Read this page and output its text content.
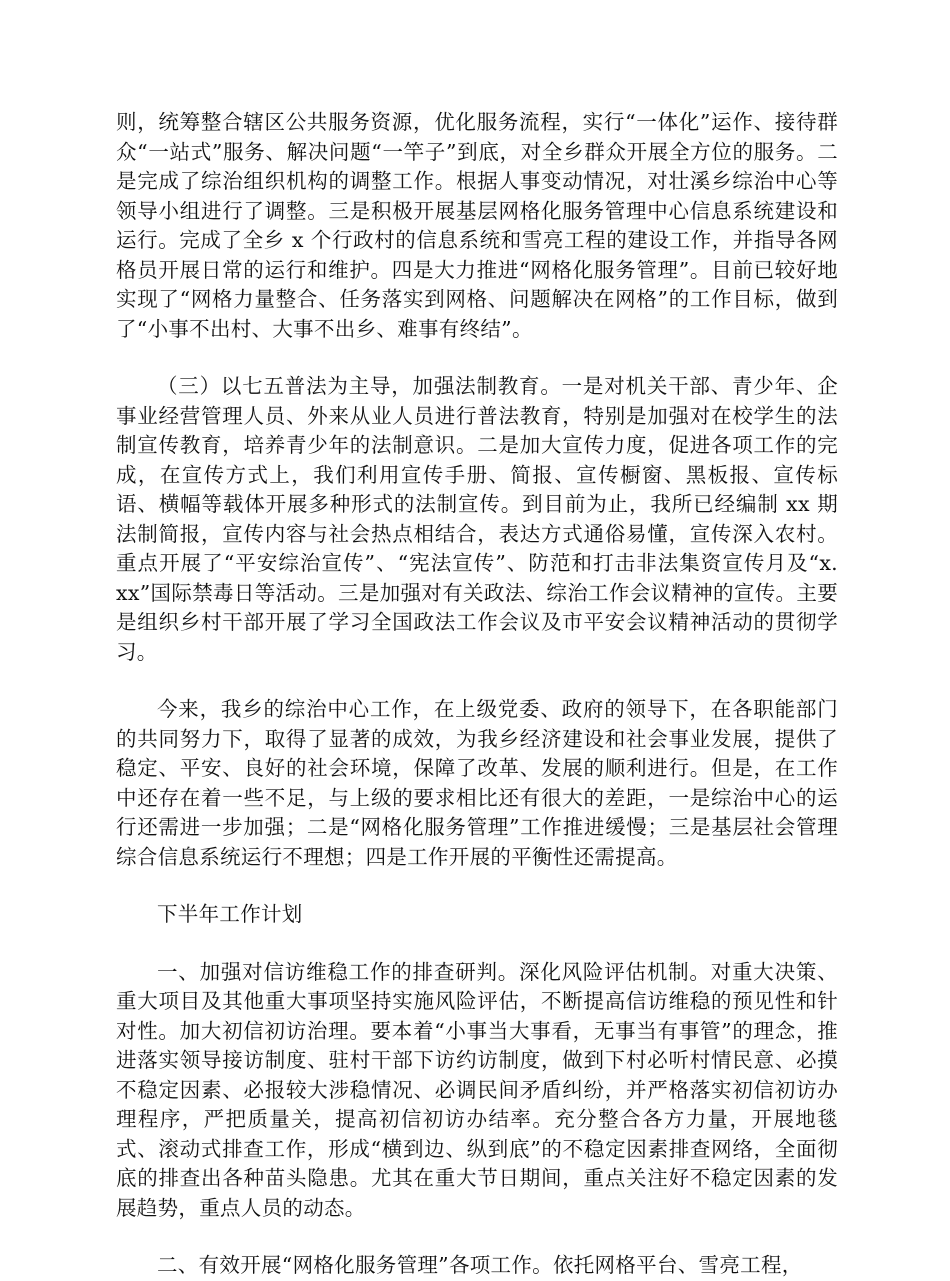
则，统筹整合辖区公共服务资源，优化服务流程，实行“一体化”运作、接待群众“一站式”服务、解决问题“一竿子”到底，对全乡群众开展全方位的服务。二是完成了综治组织机构的调整工作。根据人事变动情况，对壮溪乡综治中心等领导小组进行了调整。三是积极开展基层网格化服务管理中心信息系统建设和运行。完成了全乡 x 个行政村的信息系统和雪亮工程的建设工作，并指导各网格员开展日常的运行和维护。四是大力推进“网格化服务管理”。目前已较好地实现了“网格力量整合、任务落实到网格、问题解决在网格”的工作目标，做到了“小事不出村、大事不出乡、难事有终结”。

（三）以七五普法为主导，加强法制教育。一是对机关干部、青少年、企事业经营管理人员、外来从业人员进行普法教育，特别是加强对在校学生的法制宣传教育，培养青少年的法制意识。二是加大宣传力度，促进各项工作的完成，在宣传方式上，我们利用宣传手册、简报、宣传橱窗、黑板报、宣传标语、横幅等载体开展多种形式的法制宣传。到目前为止，我所已经编制 xx 期法制简报，宣传内容与社会热点相结合，表达方式通俗易懂，宣传深入农村。重点开展了“平安综治宣传”、“宪法宣传”、防范和打击非法集资宣传月及“x. xx”国际禁毒日等活动。三是加强对有关政法、综治工作会议精神的宣传。主要是组织乡村干部开展了学习全国政法工作会议及市平安会议精神活动的贯彻学习。

今来，我乡的综治中心工作，在上级党委、政府的领导下，在各职能部门的共同努力下，取得了显著的成效，为我乡经济建设和社会事业发展，提供了稳定、平安、良好的社会环境，保障了改革、发展的顺利进行。但是，在工作中还存在着一些不足，与上级的要求相比还有很大的差距，一是综治中心的运行还需进一步加强；二是“网格化服务管理”工作推进缓慢；三是基层社会管理综合信息系统运行不理想；四是工作开展的平衡性还需提高。

下半年工作计划

一、加强对信访维稳工作的排查研判。深化风险评估机制。对重大决策、重大项目及其他重大事项坚持实施风险评估，不断提高信访维稳的预见性和针对性。加大初信初访治理。要本着“小事当大事看，无事当有事管”的理念，推进落实领导接访制度、驻村干部下访约访制度，做到下村必听村情民意、必摸不稳定因素、必报较大涉稳情况、必调民间矛盾纠纷，并严格落实初信初访办理程序，严把质量关，提高初信初访办结率。充分整合各方力量，开展地毯式、滚动式排查工作，形成“横到边、纵到底”的不稳定因素排查网络，全面彻底的排查出各种苗头隐患。尤其在重大节日期间，重点关注好不稳定因素的发展趋势，重点人员的动态。

二、有效开展“网格化服务管理”各项工作。依托网格平台、雪亮工程，
